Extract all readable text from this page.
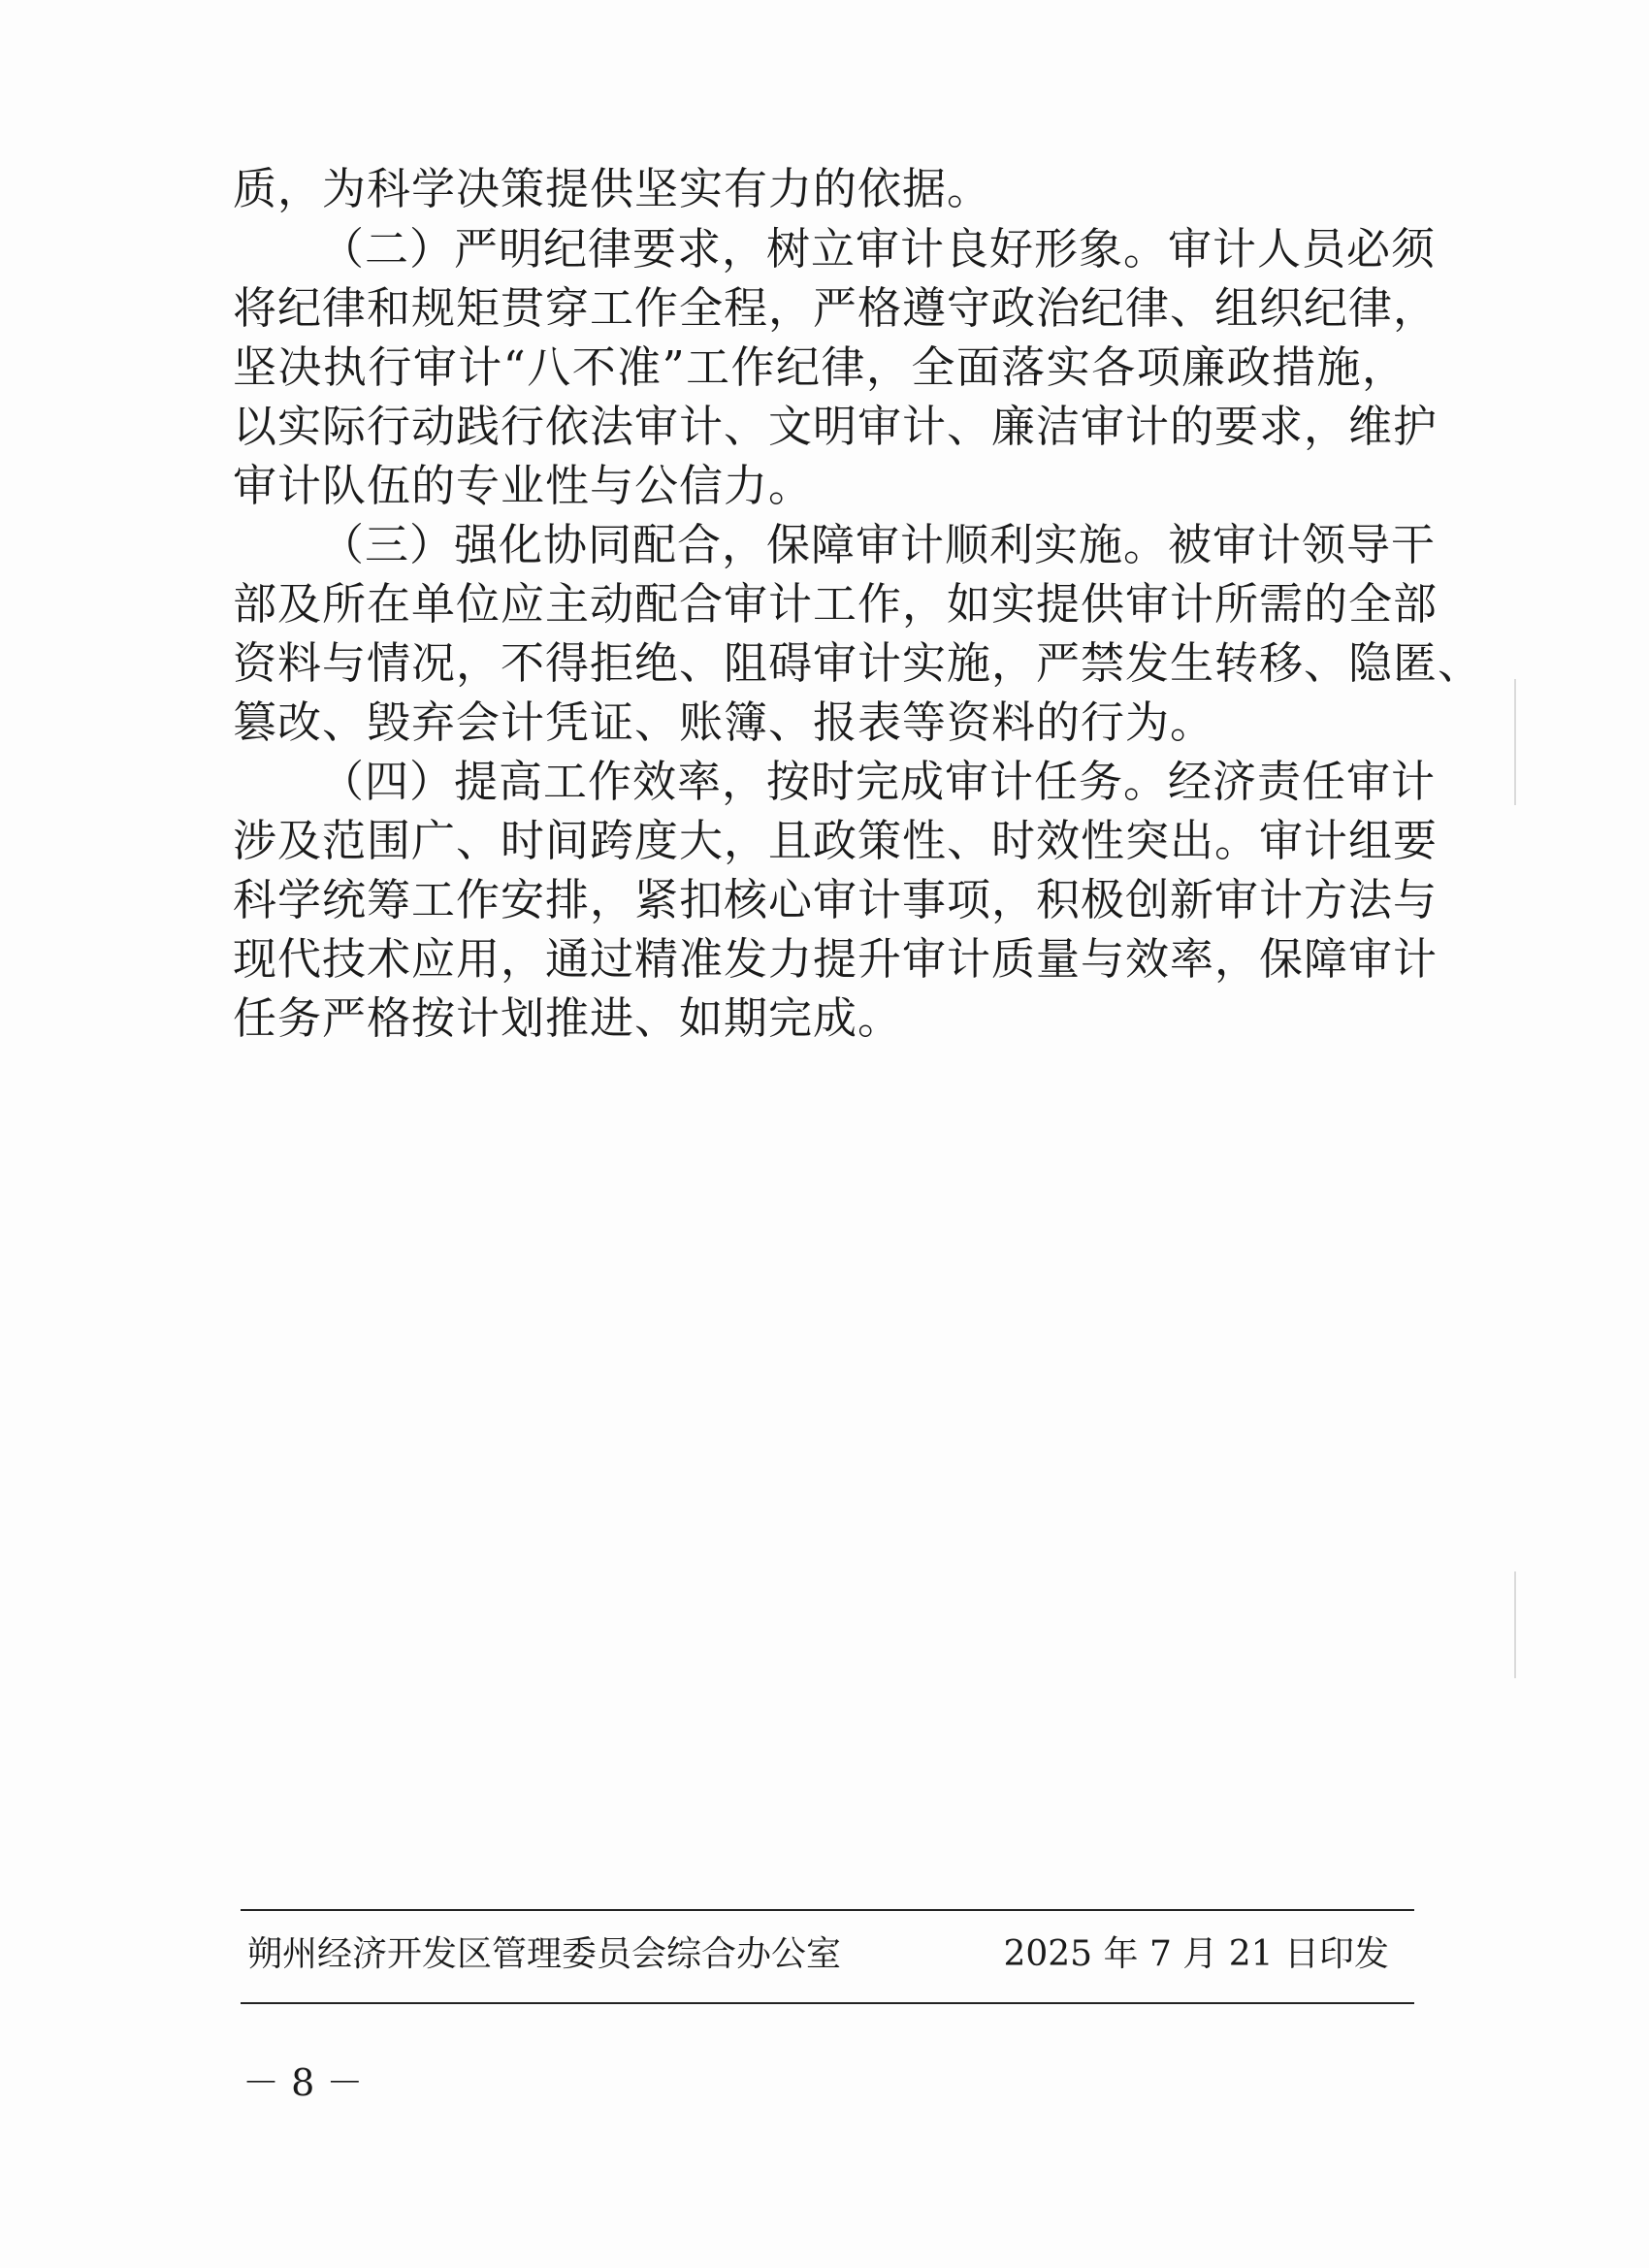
质，为科学决策提供坚实有力的依据。
（二）严明纪律要求，树立审计良好形象。审计人员必须
将纪律和规矩贯穿工作全程，严格遵守政治纪律、组织纪律，
坚决执行审计“八不准”工作纪律，全面落实各项廉政措施，
以实际行动践行依法审计、文明审计、廉洁审计的要求，维护
审计队伍的专业性与公信力。
（三）强化协同配合，保障审计顺利实施。被审计领导干
部及所在单位应主动配合审计工作，如实提供审计所需的全部
资料与情况，不得拒绝、阻碍审计实施，严禁发生转移、隐匿、
篡改、毁弃会计凭证、账簿、报表等资料的行为。
（四）提高工作效率，按时完成审计任务。经济责任审计
涉及范围广、时间跨度大，且政策性、时效性突出。审计组要
科学统筹工作安排，紧扣核心审计事项，积极创新审计方法与
现代技术应用，通过精准发力提升审计质量与效率，保障审计
任务严格按计划推进、如期完成。
朔州经济开发区管理委员会综合办公室	2025 年 7 月 21 日印发
－ 8 －
